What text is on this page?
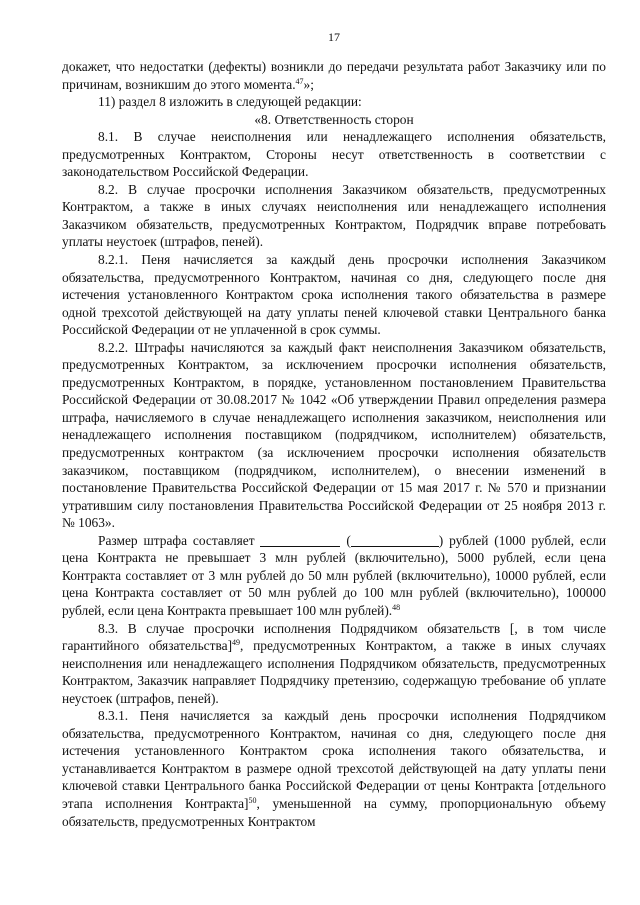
17

докажет, что недостатки (дефекты) возникли до передачи результата работ Заказчику или по причинам, возникшим до этого момента.$^{47}$»;

11) раздел 8 изложить в следующей редакции:

«8. Ответственность сторон

8.1. В случае неисполнения или ненадлежащего исполнения обязательств, предусмотренных Контрактом, Стороны несут ответственность в соответствии с законодательством Российской Федерации.

8.2. В случае просрочки исполнения Заказчиком обязательств, предусмотренных Контрактом, а также в иных случаях неисполнения или ненадлежащего исполнения Заказчиком обязательств, предусмотренных Контрактом, Подрядчик вправе потребовать уплаты неустоек (штрафов, пеней).

8.2.1. Пеня начисляется за каждый день просрочки исполнения Заказчиком обязательства, предусмотренного Контрактом, начиная со дня, следующего после дня истечения установленного Контрактом срока исполнения такого обязательства в размере одной трехсотой действующей на дату уплаты пеней ключевой ставки Центрального банка Российской Федерации от не уплаченной в срок суммы.

8.2.2. Штрафы начисляются за каждый факт неисполнения Заказчиком обязательств, предусмотренных Контрактом, за исключением просрочки исполнения обязательств, предусмотренных Контрактом, в порядке, установленном постановлением Правительства Российской Федерации от 30.08.2017 № 1042 «Об утверждении Правил определения размера штрафа, начисляемого в случае ненадлежащего исполнения заказчиком, неисполнения или ненадлежащего исполнения поставщиком (подрядчиком, исполнителем) обязательств, предусмотренных контрактом (за исключением просрочки исполнения обязательств заказчиком, поставщиком (подрядчиком, исполнителем), о внесении изменений в постановление Правительства Российской Федерации от 15 мая 2017 г. № 570 и признании утратившим силу постановления Правительства Российской Федерации от 25 ноября 2013 г. № 1063».

Размер штрафа составляет	(	) рублей (1000 рублей, если цена Контракта не превышает 3 млн рублей (включительно), 5000 рублей, если цена Контракта составляет от 3 млн рублей до 50 млн рублей (включительно), 10000 рублей, если цена Контракта составляет от 50 млн рублей до 100 млн рублей (включительно), 100000 рублей, если цена Контракта превышает 100 млн рублей).$^{48}$

8.3. В случае просрочки исполнения Подрядчиком обязательств [, в том числе гарантийного обязательства]$^{49}$, предусмотренных Контрактом, а также в иных случаях неисполнения или ненадлежащего исполнения Подрядчиком обязательств, предусмотренных Контрактом, Заказчик направляет Подрядчику претензию, содержащую требование об уплате неустоек (штрафов, пеней).

8.3.1. Пеня начисляется за каждый день просрочки исполнения Подрядчиком обязательства, предусмотренного Контрактом, начиная со дня, следующего после дня истечения установленного Контрактом срока исполнения такого обязательства, и устанавливается Контрактом в размере одной трехсотой действующей на дату уплаты пени ключевой ставки Центрального банка Российской Федерации от цены Контракта [отдельного этапа исполнения Контракта]$^{50}$, уменьшенной на сумму, пропорциональную объему обязательств, предусмотренных Контрактом
